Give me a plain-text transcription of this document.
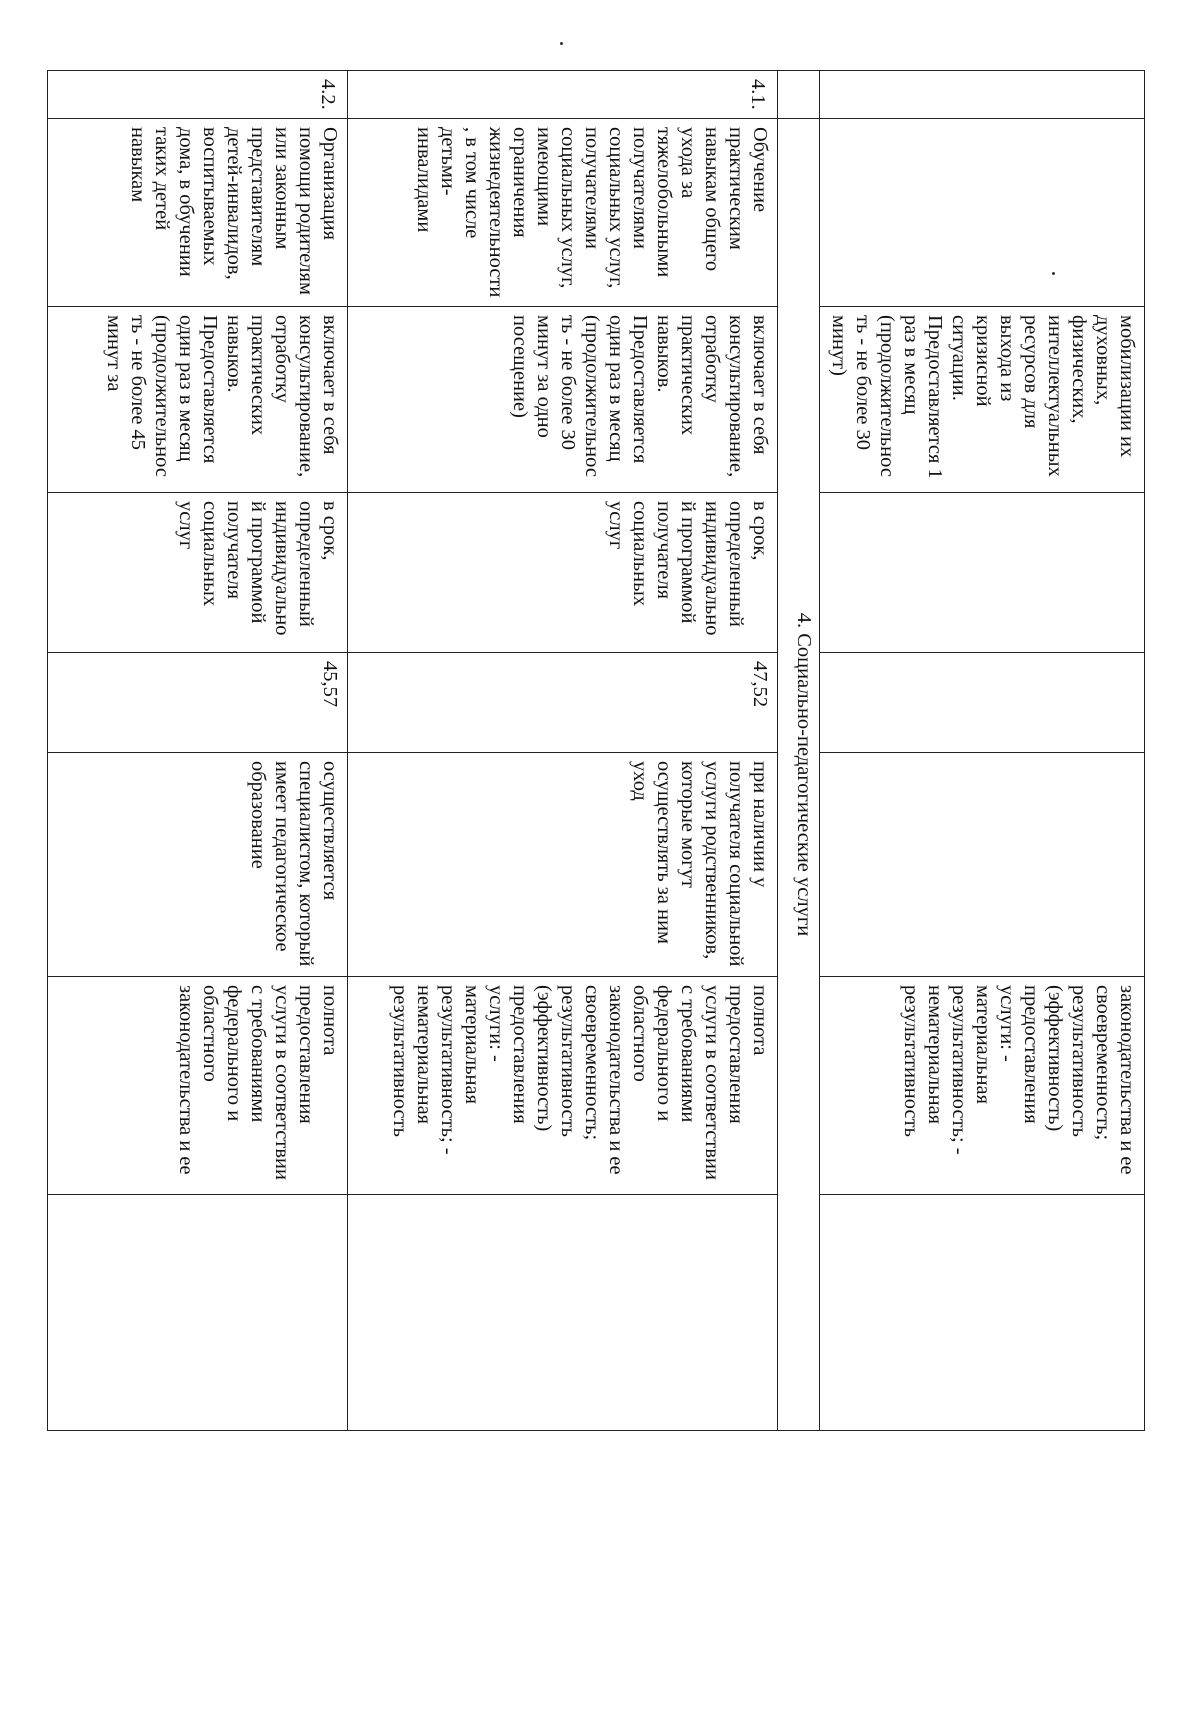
		мобилизации их духовных, физических, интеллектуальных ресурсов для выхода из кризисной ситуации. Предоставляется 1 раз в месяц (продолжительность - не более 30 минут)				законодательства и ее своевременность; результативность (эффективность) предоставления услуги: - материальная результативность; - нематериальная результативность	

	4. Социально-педагогические услуги						
4.1.	Обучение практическим навыкам общего ухода за тяжелобольными получателями социальных услуг, получателями социальных услуг, имеющими ограничения жизнедеятельности, в том числе детьми-инвалидами	включает в себя консультирование, отработку практических навыков. Предоставляется один раз в месяц (продолжительность - не более 30 минут за одно посещение)	в срок, определенный индивидуальной программой получателя социальных услуг	47,52	при наличии у получателя социальной услуги родственников, которые могут осуществлять за ним уход	полнота предоставления услуги в соответствии с требованиями федерального и областного законодательства и ее своевременность; результативность (эффективность) предоставления услуги: - материальная результативность; - нематериальная результативность	
4.2.	Организация помощи родителям или законным представителям детей-инвалидов, воспитываемых дома, в обучении таких детей навыкам	включает в себя консультирование, отработку практических навыков. Предоставляется один раз в месяц (продолжительность - не более 45 минут за	в срок, определенный индивидуальной программой получателя социальных услуг	45,57	осуществляется специалистом, который имеет педагогическое образование	полнота предоставления услуги в соответствии с требованиями федерального и областного законодательства и ее	
